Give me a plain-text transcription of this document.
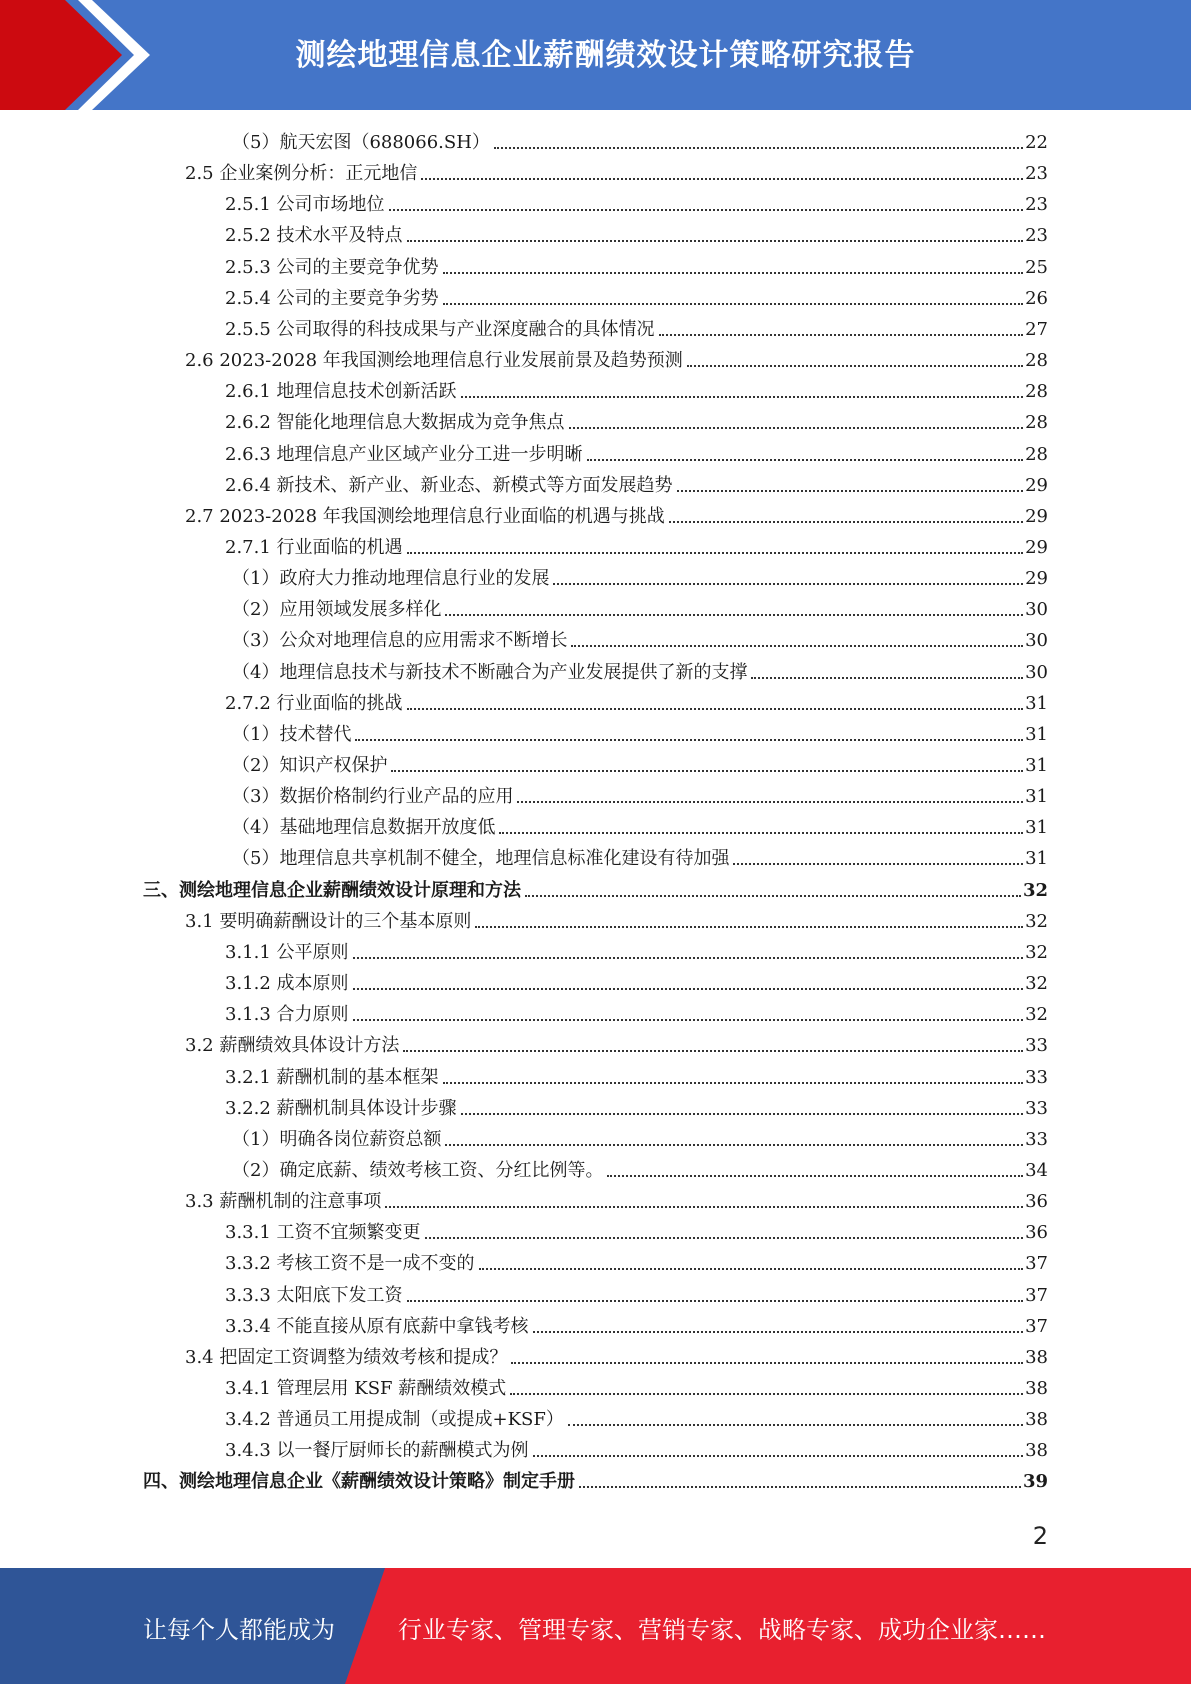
测绘地理信息企业薪酬绩效设计策略研究报告
（5）航天宏图（688066.SH）	22
2.5 企业案例分析：正元地信	23
2.5.1 公司市场地位	23
2.5.2 技术水平及特点	23
2.5.3 公司的主要竞争优势	25
2.5.4 公司的主要竞争劣势	26
2.5.5 公司取得的科技成果与产业深度融合的具体情况	27
2.6 2023-2028 年我国测绘地理信息行业发展前景及趋势预测	28
2.6.1 地理信息技术创新活跃	28
2.6.2 智能化地理信息大数据成为竞争焦点	28
2.6.3 地理信息产业区域产业分工进一步明晰	28
2.6.4 新技术、新产业、新业态、新模式等方面发展趋势	29
2.7 2023-2028 年我国测绘地理信息行业面临的机遇与挑战	29
2.7.1 行业面临的机遇	29
（1）政府大力推动地理信息行业的发展	29
（2）应用领域发展多样化	30
（3）公众对地理信息的应用需求不断增长	30
（4）地理信息技术与新技术不断融合为产业发展提供了新的支撑	30
2.7.2 行业面临的挑战	31
（1）技术替代	31
（2）知识产权保护	31
（3）数据价格制约行业产品的应用	31
（4）基础地理信息数据开放度低	31
（5）地理信息共享机制不健全，地理信息标准化建设有待加强	31
三、测绘地理信息企业薪酬绩效设计原理和方法	32
3.1 要明确薪酬设计的三个基本原则	32
3.1.1 公平原则	32
3.1.2 成本原则	32
3.1.3 合力原则	32
3.2 薪酬绩效具体设计方法	33
3.2.1 薪酬机制的基本框架	33
3.2.2 薪酬机制具体设计步骤	33
（1）明确各岗位薪资总额	33
（2）确定底薪、绩效考核工资、分红比例等。	34
3.3 薪酬机制的注意事项	36
3.3.1 工资不宜频繁变更	36
3.3.2 考核工资不是一成不变的	37
3.3.3 太阳底下发工资	37
3.3.4 不能直接从原有底薪中拿钱考核	37
3.4 把固定工资调整为绩效考核和提成？	38
3.4.1 管理层用 KSF 薪酬绩效模式	38
3.4.2 普通员工用提成制（或提成+KSF）	38
3.4.3 以一餐厅厨师长的薪酬模式为例	38
四、测绘地理信息企业《薪酬绩效设计策略》制定手册	39
2
让每个人都能成为	行业专家、管理专家、营销专家、战略专家、成功企业家……
